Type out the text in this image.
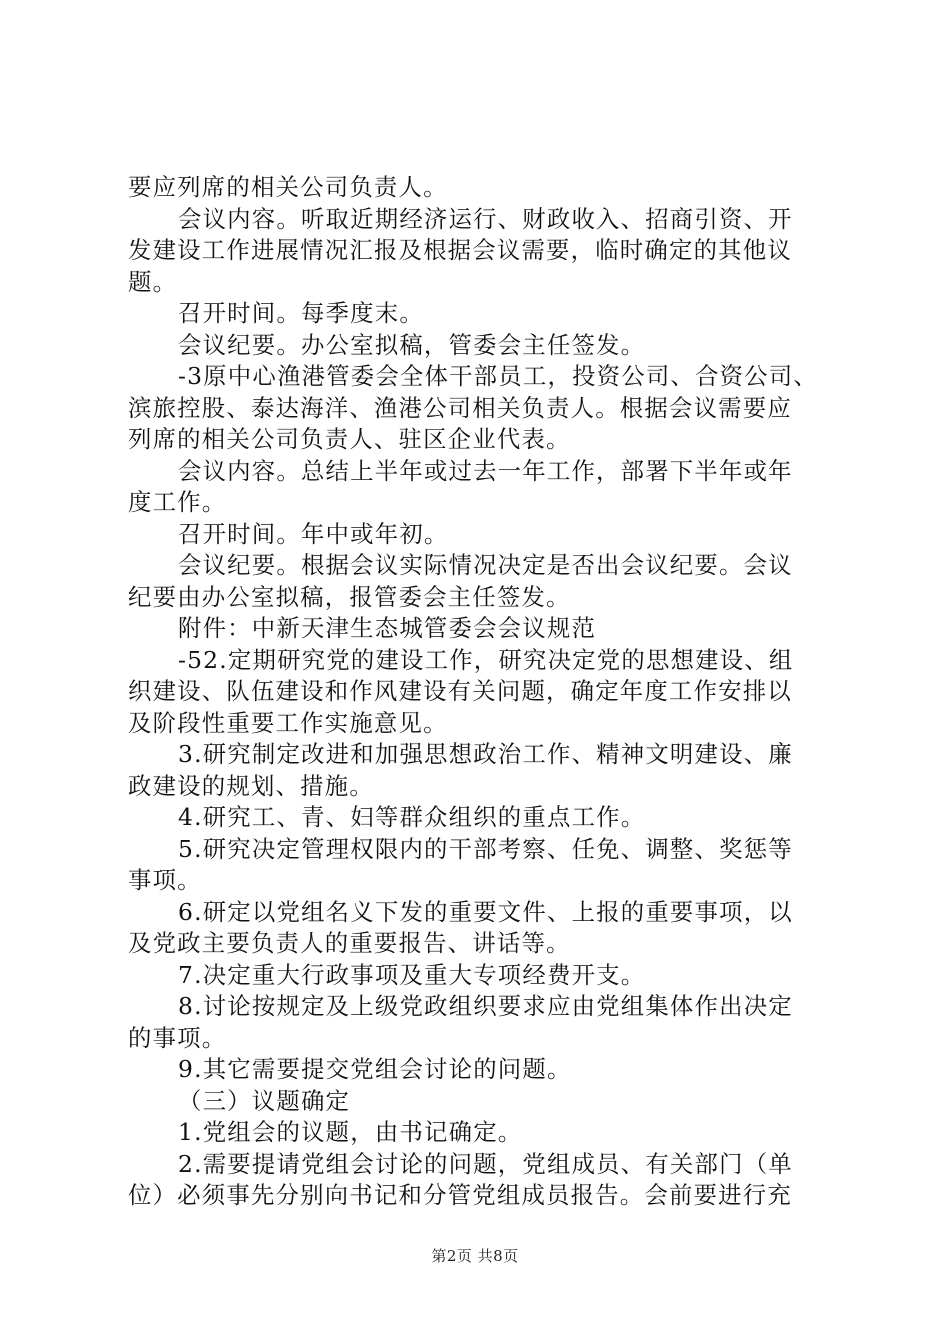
要应列席的相关公司负责人。
会议内容。听取近期经济运行、财政收入、招商引资、开
发建设工作进展情况汇报及根据会议需要，临时确定的其他议
题。
召开时间。每季度末。
会议纪要。办公室拟稿，管委会主任签发。
-3原中心渔港管委会全体干部员工，投资公司、合资公司、
滨旅控股、泰达海洋、渔港公司相关负责人。根据会议需要应
列席的相关公司负责人、驻区企业代表。
会议内容。总结上半年或过去一年工作，部署下半年或年
度工作。
召开时间。年中或年初。
会议纪要。根据会议实际情况决定是否出会议纪要。会议
纪要由办公室拟稿，报管委会主任签发。
附件：中新天津生态城管委会会议规范
-52.定期研究党的建设工作，研究决定党的思想建设、组
织建设、队伍建设和作风建设有关问题，确定年度工作安排以
及阶段性重要工作实施意见。
3.研究制定改进和加强思想政治工作、精神文明建设、廉
政建设的规划、措施。
4.研究工、青、妇等群众组织的重点工作。
5.研究决定管理权限内的干部考察、任免、调整、奖惩等
事项。
6.研定以党组名义下发的重要文件、上报的重要事项，以
及党政主要负责人的重要报告、讲话等。
7.决定重大行政事项及重大专项经费开支。
8.讨论按规定及上级党政组织要求应由党组集体作出决定
的事项。
9.其它需要提交党组会讨论的问题。
（三）议题确定
1.党组会的议题，由书记确定。
2.需要提请党组会讨论的问题，党组成员、有关部门（单
位）必须事先分别向书记和分管党组成员报告。会前要进行充
第2页 共8页
